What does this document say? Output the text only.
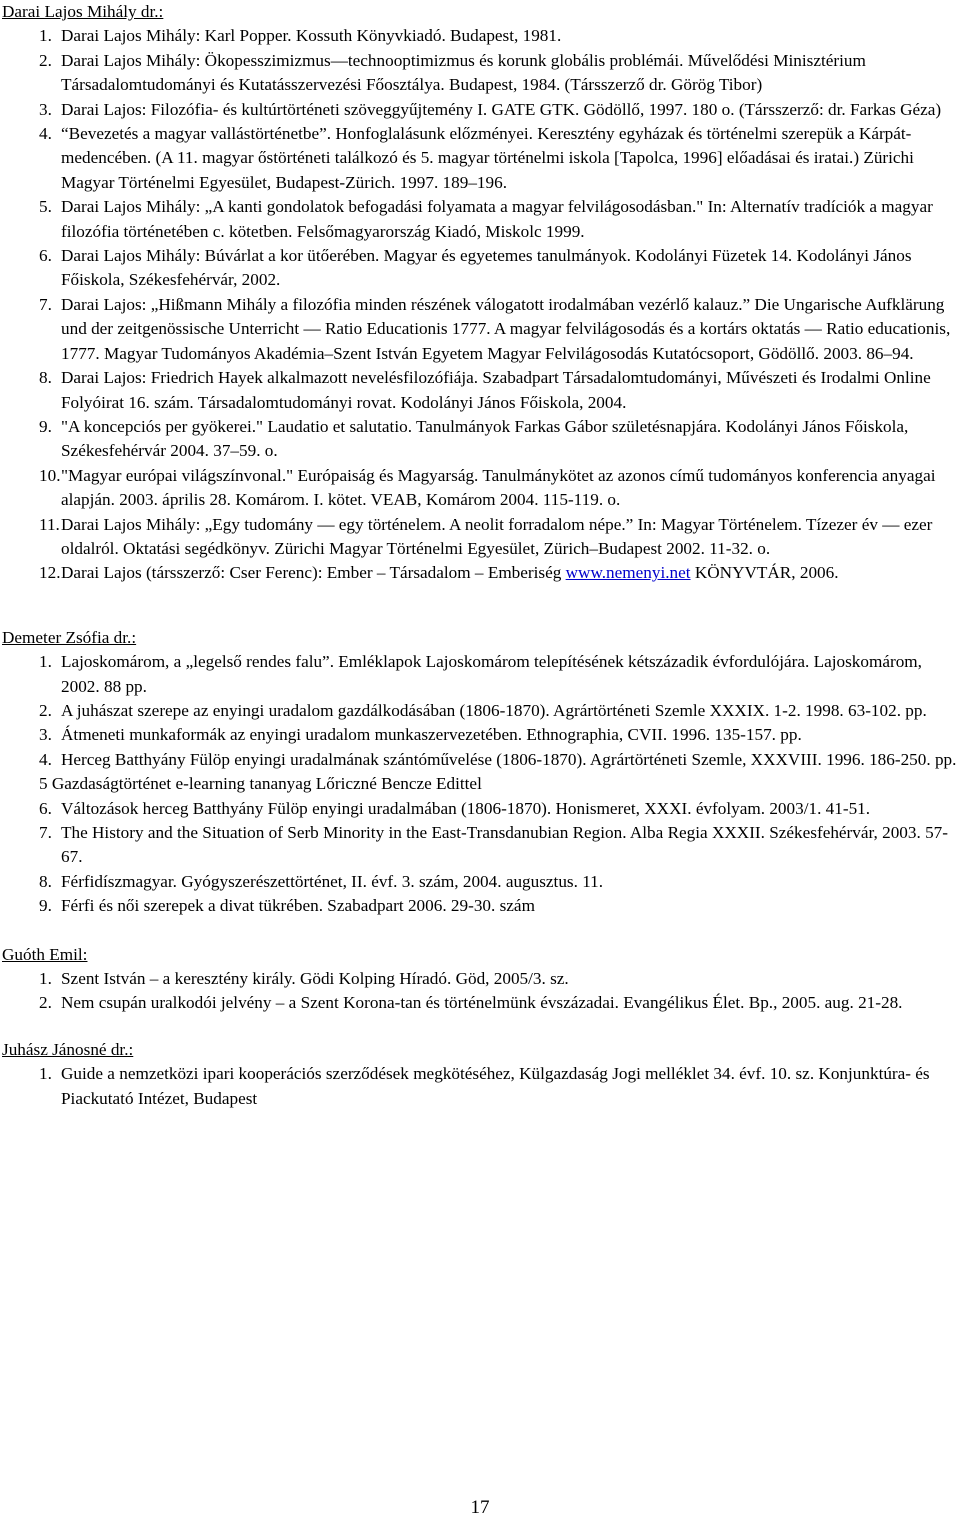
Darai Lajos Mihály dr.:
1. Darai Lajos Mihály: Karl Popper. Kossuth Könyvkiadó. Budapest, 1981.
2. Darai Lajos Mihály: Ökopesszimizmus—technooptimizmus és korunk globális problémái. Művelődési Minisztérium Társadalomtudományi és Kutatásszervezési Főosztálya. Budapest, 1984. (Társszerző dr. Görög Tibor)
3. Darai Lajos: Filozófia- és kultúrtörténeti szöveggyűjtemény I. GATE GTK. Gödöllő, 1997. 180 o. (Társszerző: dr. Farkas Géza)
4. “Bevezetés a magyar vallástörténetbe”. Honfoglalásunk előzményei. Keresztény egyházak és történelmi szerepük a Kárpát-medencében. (A 11. magyar őstörténeti találkozó és 5. magyar történelmi iskola [Tapolca, 1996] előadásai és iratai.) Zürichi Magyar Történelmi Egyesület, Budapest-Zürich. 1997. 189–196.
5. Darai Lajos Mihály: „A kanti gondolatok befogadási folyamata a magyar felvilágosodásban." In: Alternatív tradíciók a magyar filozófia történetében c. kötetben. Felsőmagyarország Kiadó, Miskolc 1999.
6. Darai Lajos Mihály: Búvárlat a kor ütőerében. Magyar és egyetemes tanulmányok. Kodolányi Füzetek 14. Kodolányi János Főiskola, Székesfehérvár, 2002.
7. Darai Lajos: „Hißmann Mihály a filozófia minden részének válogatott irodalmában vezérlő kalauz.” Die Ungarische Aufklärung und der zeitgenössische Unterricht — Ratio Educationis 1777. A magyar felvilágosodás és a kortárs oktatás — Ratio educationis, 1777. Magyar Tudományos Akadémia–Szent István Egyetem Magyar Felvilágosodás Kutatócsoport, Gödöllő. 2003. 86–94.
8. Darai Lajos: Friedrich Hayek alkalmazott nevelésfilozófiája. Szabadpart Társadalomtudományi, Művészeti és Irodalmi Online Folyóirat 16. szám. Társadalomtudományi rovat. Kodolányi János Főiskola, 2004.
9. "A koncepciós per gyökerei." Laudatio et salutatio. Tanulmányok Farkas Gábor születésnapjára. Kodolányi János Főiskola, Székesfehérvár 2004. 37–59. o.
10. "Magyar európai világszínvonal." Európaiság és Magyarság. Tanulmánykötet az azonos című tudományos konferencia anyagai alapján. 2003. április 28. Komárom. I. kötet. VEAB, Komárom 2004. 115-119. o.
11. Darai Lajos Mihály: „Egy tudomány — egy történelem. A neolit forradalom népe.” In: Magyar Történelem. Tízezer év — ezer oldalról. Oktatási segédkönyv. Zürichi Magyar Történelmi Egyesület, Zürich–Budapest 2002. 11-32. o.
12. Darai Lajos (társszerző: Cser Ferenc): Ember – Társadalom – Emberiség www.nemenyi.net KÖNYVTÁR, 2006.
Demeter Zsófia dr.:
1. Lajoskomárom, a „legelső rendes falu”. Emléklapok Lajoskomárom telepítésének kétszázadik évfordulójára. Lajoskomárom, 2002. 88 pp.
2. A juhászat szerepe az enyingi uradalom gazdálkodásában (1806-1870). Agrártörténeti Szemle XXXIX. 1-2. 1998. 63-102. pp.
3. Átmeneti munkaformák az enyingi uradalom munkaszervezetében. Ethnographia, CVII. 1996. 135-157. pp.
4. Herceg Batthyány Fülöp enyingi uradalmának szántóművelése (1806-1870). Agrártörténeti Szemle, XXXVIII. 1996. 186-250. pp.
5 Gazdaságtörténet e-learning tananyag Lőriczné Bencze Edittel
6. Változások herceg Batthyány Fülöp enyingi uradalmában (1806-1870). Honismeret, XXXI. évfolyam. 2003/1. 41-51.
7. The History and the Situation of Serb Minority in the East-Transdanubian Region. Alba Regia XXXII. Székesfehérvár, 2003. 57-67.
8. Férfidíszmagyar. Gyógyszerészettörténet, II. évf. 3. szám, 2004. augusztus. 11.
9. Férfi és női szerepek a divat tükrében. Szabadpart 2006. 29-30. szám
Guóth Emil:
1. Szent István – a keresztény király. Gödi Kolping Híradó. Göd, 2005/3. sz.
2. Nem csupán uralkodói jelvény – a Szent Korona-tan és történelmünk évszázadai. Evangélikus Élet. Bp., 2005. aug. 21-28.
Juhász Jánosné dr.:
1. Guide a nemzetközi ipari kooperációs szerződések megkötéséhez, Külgazdaság Jogi melléklet 34. évf. 10. sz. Konjunktúra- és Piackutató Intézet, Budapest
17
